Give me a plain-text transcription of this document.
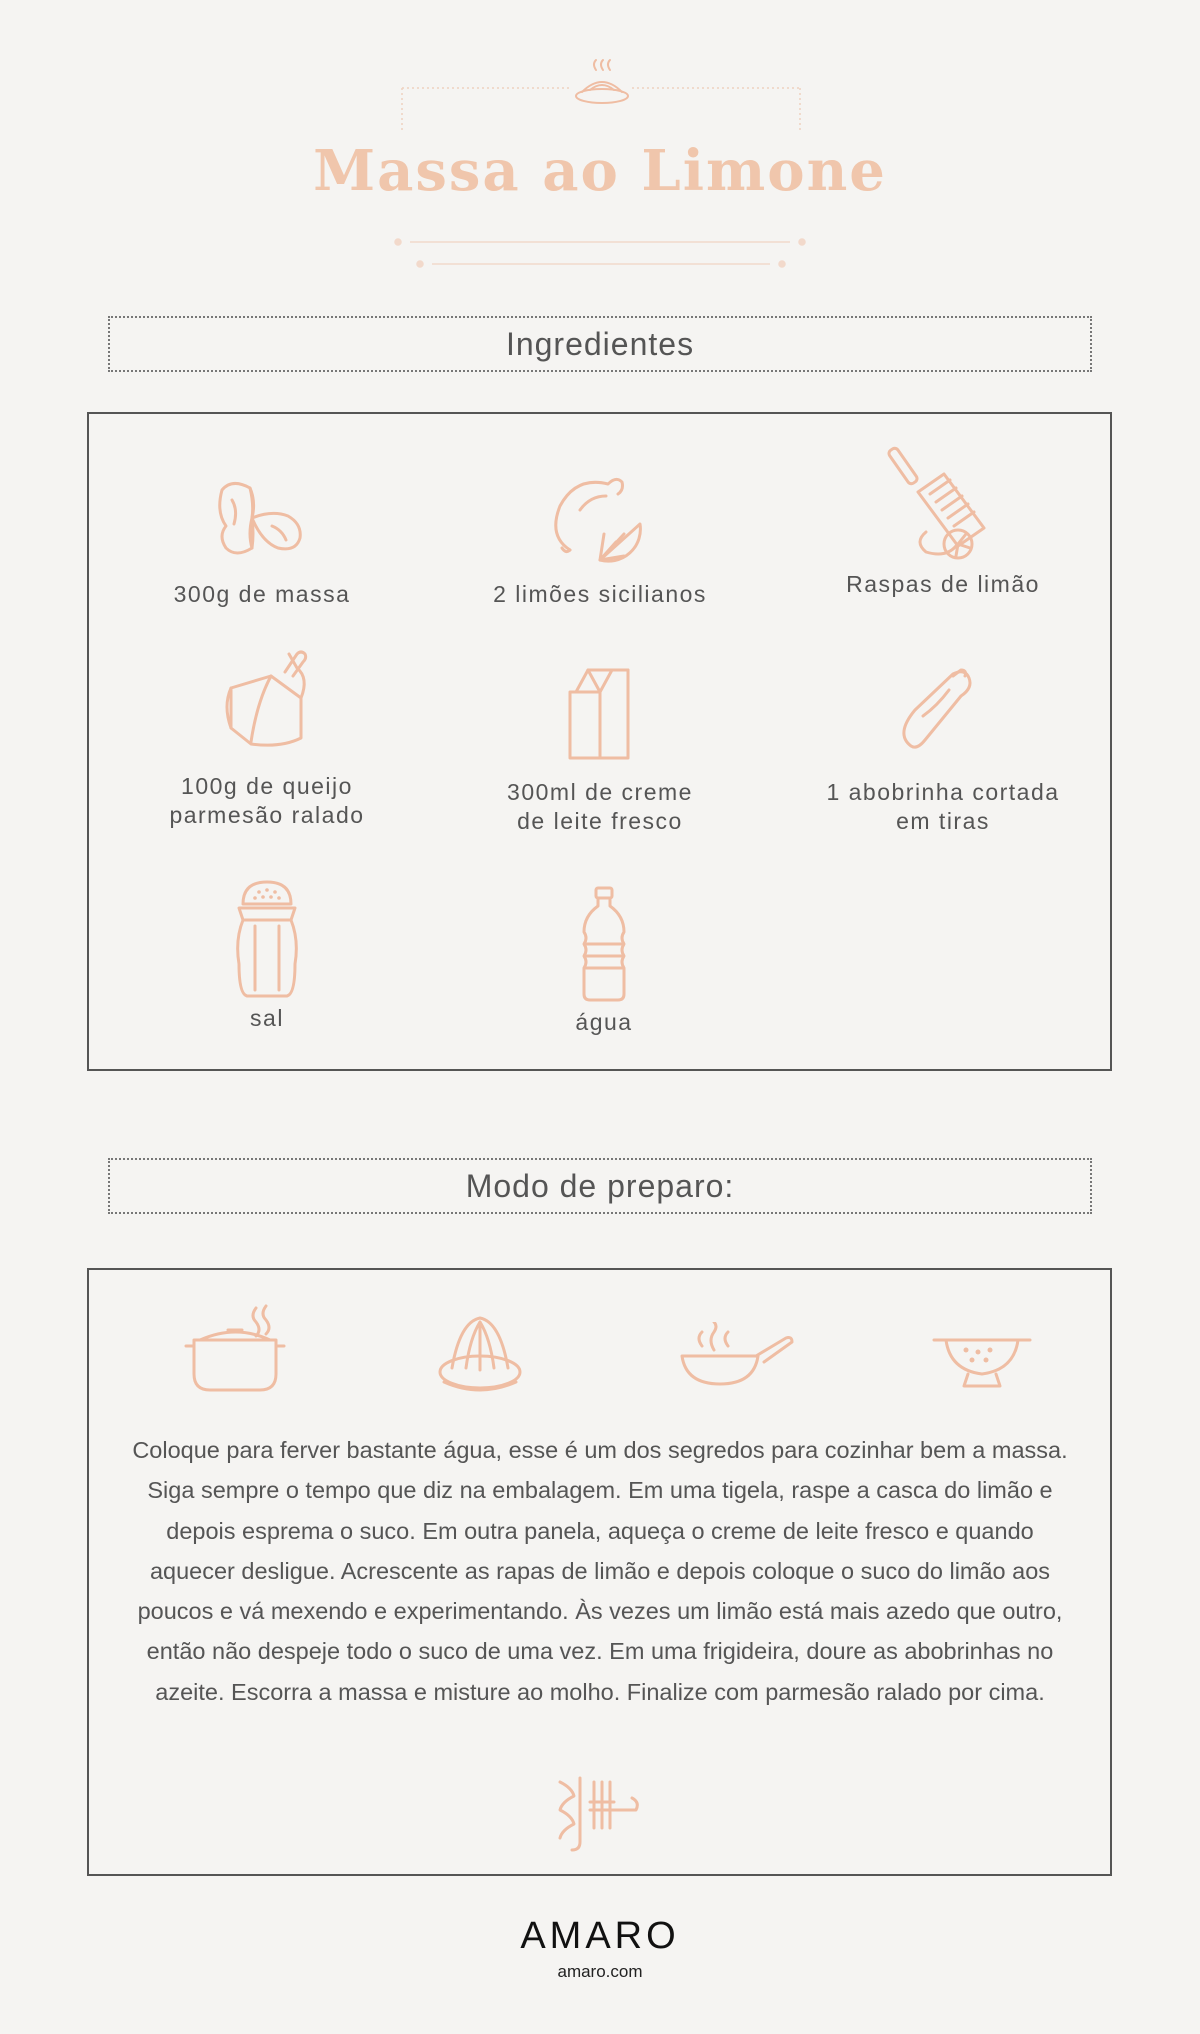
Massa ao Limone
Ingredientes
300g de massa	2 limões sicilianos	Raspas de limão
100g de queijo
parmesão ralado
300ml de creme
de leite fresco
1 abobrinha cortada
em tiras
sal	água
Modo de preparo:
Coloque para ferver bastante água, esse é um dos segredos para cozinhar bem a massa. Siga sempre o tempo que diz na embalagem. Em uma tigela, raspe a casca do limão e depois esprema o suco. Em outra panela, aqueça o creme de leite fresco e quando aquecer desligue. Acrescente as rapas de limão e depois coloque o suco do limão aos poucos e vá mexendo e experimentando. Às vezes um limão está mais azedo que outro, então não despeje todo o suco de uma vez. Em uma frigideira, doure as abobrinhas no azeite. Escorra a massa e misture ao molho. Finalize com parmesão ralado por cima.
AMARO
amaro.com
